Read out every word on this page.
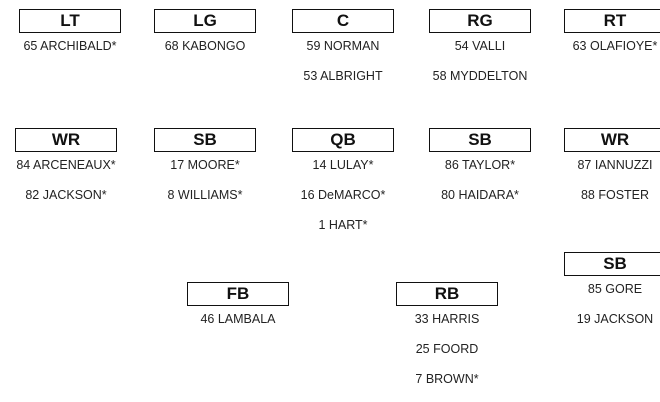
LT
65 ARCHIBALD*
LG
68 KABONGO
C
59 NORMAN
53 ALBRIGHT
RG
54 VALLI
58 MYDDELTON
RT
63 OLAFIOYE*
WR
84 ARCENEAUX*
82 JACKSON*
SB
17 MOORE*
8 WILLIAMS*
QB
14 LULAY*
16 DeMARCO*
1 HART*
SB
86 TAYLOR*
80 HAIDARA*
WR
87 IANNUZZI
88 FOSTER
SB
85 GORE
19 JACKSON
FB
46 LAMBALA
RB
33 HARRIS
25 FOORD
7 BROWN*
